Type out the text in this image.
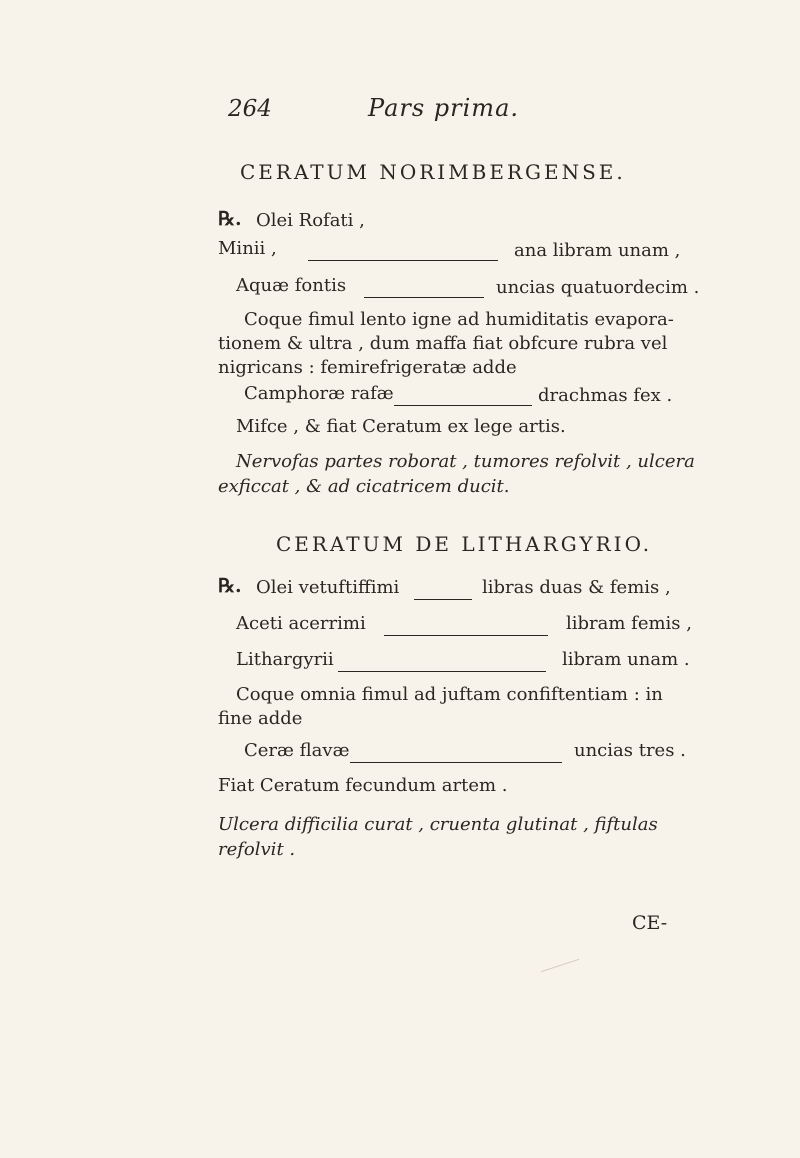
264	Pars prima.
CERATUM NORIMBERGENSE.
℞. Olei Rofati ,
Minii ,	ana libram unam ,
Aquæ fontis	uncias quatuordecim .
Coque fimul lento igne ad humiditatis evapora-
tionem & ultra , dum maffa fiat obfcure rubra vel
nigricans : femirefrigeratæ adde
Camphoræ rafæ	drachmas fex .
Mifce , & fiat Ceratum ex lege artis.
Nervofas partes roborat , tumores refolvit , ulcera
exficcat , & ad cicatricem ducit.
CERATUM DE LITHARGYRIO.
℞. Olei vetuftiffimi	libras duas & femis ,
Aceti acerrimi	libram femis ,
Lithargyrii	libram unam .
Coque omnia fimul ad juftam confiftentiam : in
fine adde
Ceræ flavæ	uncias tres .
Fiat Ceratum fecundum artem .
Ulcera difficilia curat , cruenta glutinat , fiftulas
refolvit .
CE-
